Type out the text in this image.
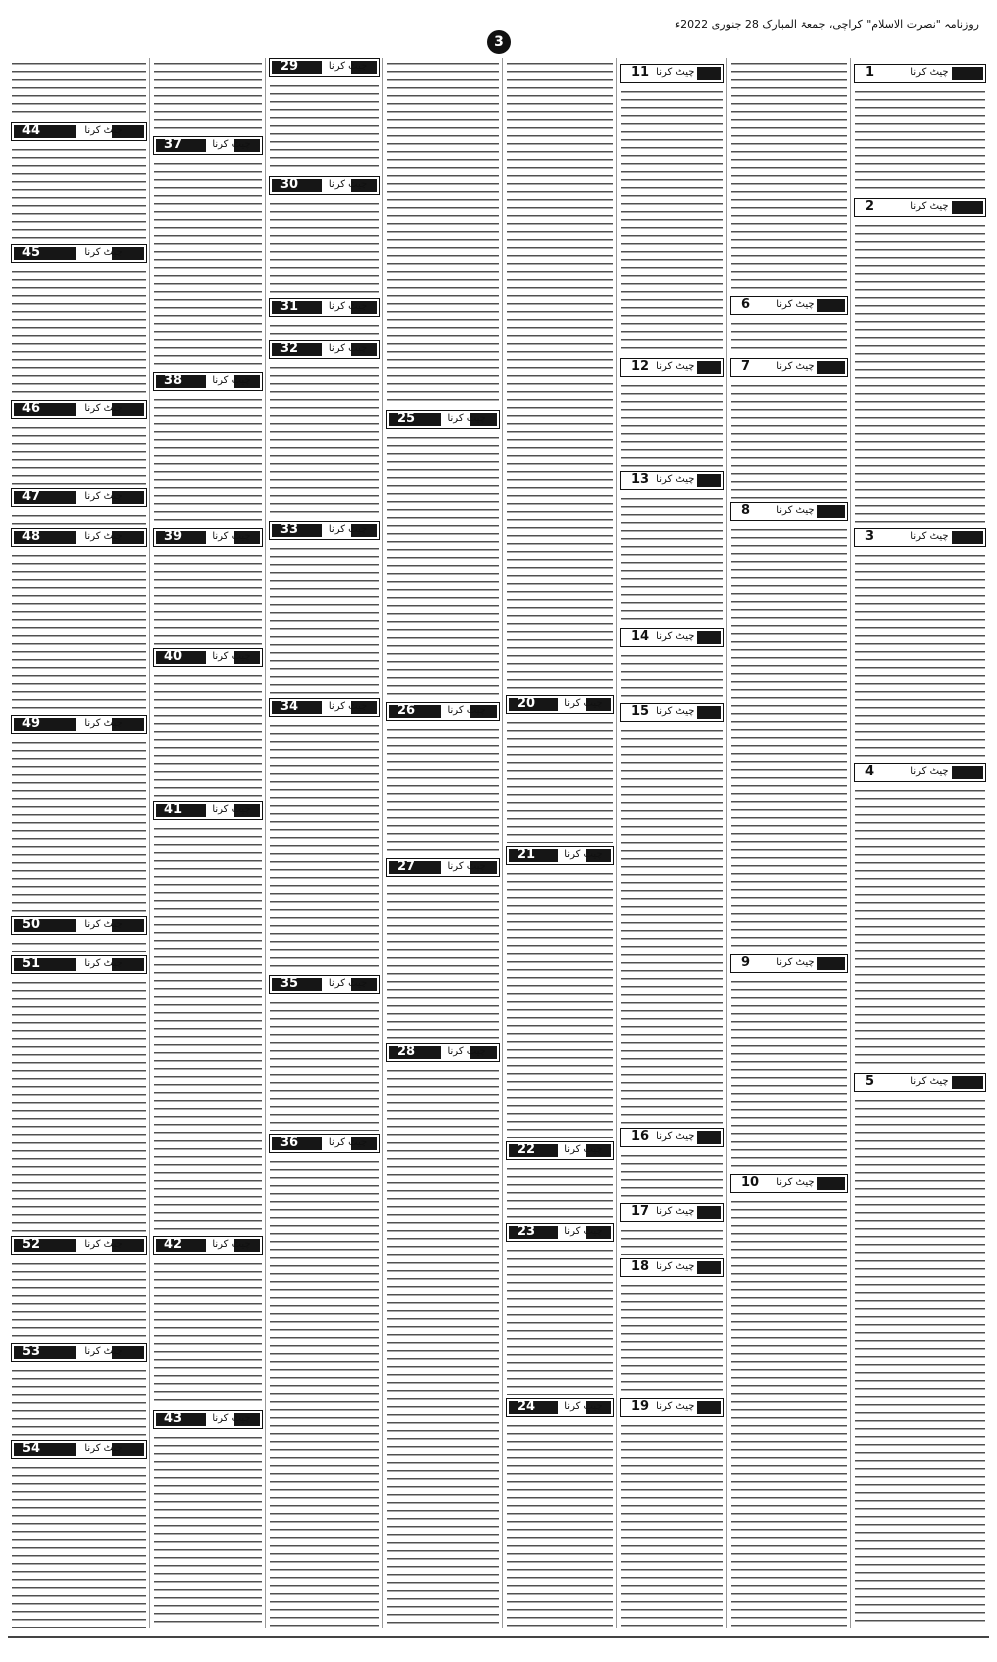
روزنامہ "نصرت الاسلام" کراچی، جمعۃ المبارک 28 جنوری 2022ء
3
1	چیٹ کرنا
2	چیٹ کرنا
3	چیٹ کرنا
4	چیٹ کرنا
5	چیٹ کرنا
6	چیٹ کرنا
7	چیٹ کرنا
8	چیٹ کرنا
9	چیٹ کرنا
10 چیٹ کرنا
11 چیٹ کرنا
12 چیٹ کرنا
13 چیٹ کرنا
14 چیٹ کرنا
15 چیٹ کرنا
16 چیٹ کرنا
17 چیٹ کرنا
18 چیٹ کرنا
19 چیٹ کرنا
20	چیٹ کرنا
21	چیٹ کرنا
22	چیٹ کرنا
23	چیٹ کرنا
24	چیٹ کرنا
25	چیٹ کرنا
26	چیٹ کرنا
27	چیٹ کرنا
28	چیٹ کرنا
29	چیٹ کرنا
30	چیٹ کرنا
31	چیٹ کرنا
32	چیٹ کرنا
33	چیٹ کرنا
34	چیٹ کرنا
35	چیٹ کرنا
36	چیٹ کرنا
37	چیٹ کرنا
38	چیٹ کرنا
39	چیٹ کرنا
40	چیٹ کرنا
41	چیٹ کرنا
42	چیٹ کرنا
43	چیٹ کرنا
44	چیٹ کرنا
45	چیٹ کرنا
46	چیٹ کرنا
47	چیٹ کرنا
48	چیٹ کرنا
49	چیٹ کرنا
50	چیٹ کرنا
51	چیٹ کرنا
52	چیٹ کرنا
53	چیٹ کرنا
54	چیٹ کرنا
